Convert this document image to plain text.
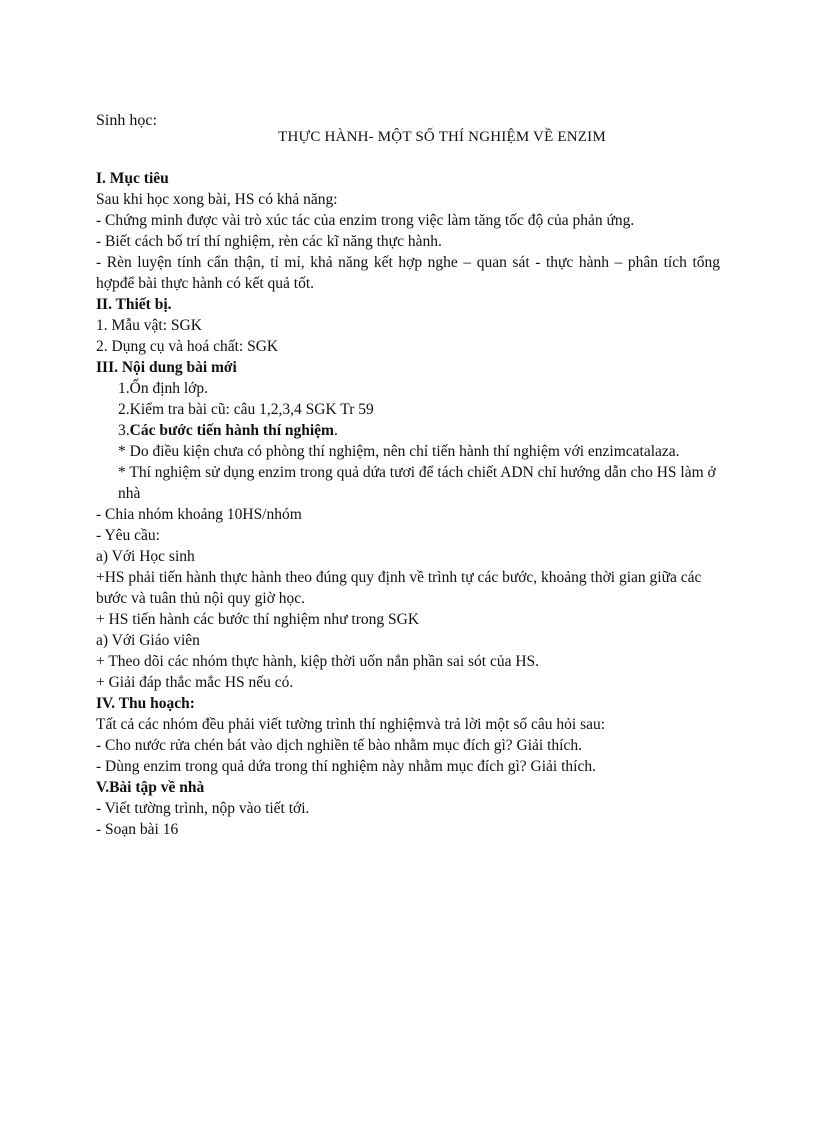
Sinh học:
THỰC HÀNH- MỘT SỐ THÍ NGHIỆM VỀ ENZIM

I. Mục tiêu

Sau khi học xong bài, HS có khả năng:

- Chứng minh được vài trò xúc tác của enzim trong việc làm tăng tốc độ của phản ứng.

- Biết cách bố trí thí nghiệm, rèn các kĩ năng thực hành.

- Rèn luyện tính cẩn thận, tỉ mỉ, khả năng kết hợp nghe – quan sát - thực hành – phân tích tổng hợpđể bài thực hành có kết quả tốt.

II. Thiết bị.

1. Mẫu vật: SGK

2. Dụng cụ và hoá chất: SGK

III. Nội dung bài mới

1.Ổn định lớp.

2.Kiểm tra bài cũ: câu 1,2,3,4 SGK Tr 59

3.Các bước tiến hành thí nghiệm.

* Do điều kiện chưa có phòng thí nghiệm, nên chỉ tiến hành thí nghiệm với enzimcatalaza.

* Thí nghiệm sử dụng enzim trong quả dứa tươi để tách chiết ADN chỉ hướng dẫn cho HS làm ở nhà

- Chia nhóm khoảng 10HS/nhóm

- Yêu cầu:

a) Với Học sinh

+HS phải tiến hành thực hành theo đúng quy định về trình tự các bước, khoảng thời gian giữa các bước và tuân thủ nội quy giờ học.

+ HS tiến hành các bước thí nghiệm như trong SGK

a) Với Giáo viên

+ Theo dõi các nhóm thực hành, kiệp thời uốn nắn phần sai sót của HS.

+ Giải đáp thắc mắc HS nếu có.

IV. Thu hoạch:

Tất cả các nhóm đều phải viết tường trình thí nghiệmvà trả lời một số câu hỏi sau:

- Cho nước rửa chén bát vào dịch nghiền tế bào nhằm mục đích gì? Giải thích.

- Dùng enzim trong quả dứa trong thí nghiệm này nhằm mục đích gì? Giải thích.

V.Bài tập về nhà

- Viết tường trình, nộp vào tiết tới.

- Soạn bài 16
